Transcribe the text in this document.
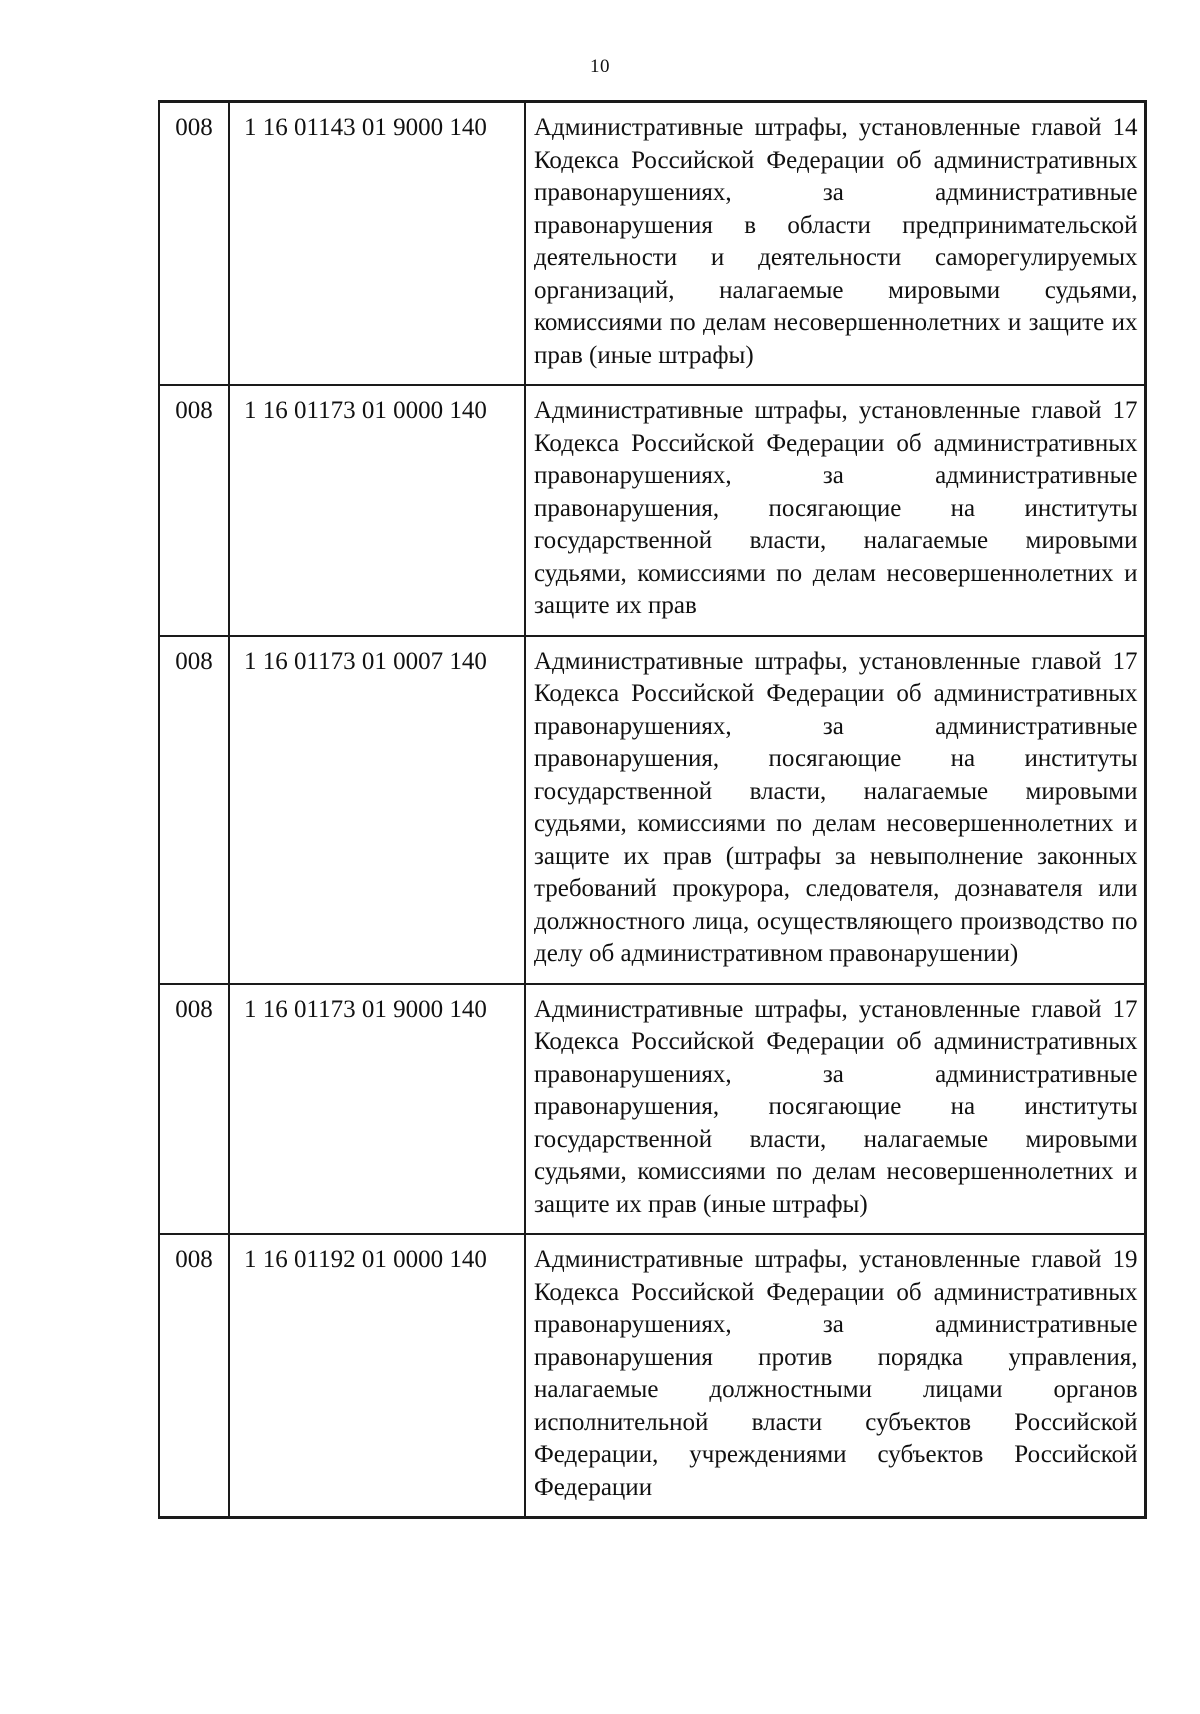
10
008	1 16 01143 01 9000 140	Административные штрафы, установленные главой 14 Кодекса Российской Федерации об административных правонарушениях, за административные правонарушения в области предпринимательской деятельности и деятельности саморегулируемых организаций, налагаемые мировыми судьями, комиссиями по делам несовершеннолетних и защите их прав (иные штрафы)

008	1 16 01173 01 0000 140	Административные штрафы, установленные главой 17 Кодекса Российской Федерации об административных правонарушениях, за административные правонарушения, посягающие на институты государственной власти, налагаемые мировыми судьями, комиссиями по делам несовершеннолетних и защите их прав

008	1 16 01173 01 0007 140	Административные штрафы, установленные главой 17 Кодекса Российской Федерации об административных правонарушениях, за административные правонарушения, посягающие на институты государственной власти, налагаемые мировыми судьями, комиссиями по делам несовершеннолетних и защите их прав (штрафы за невыполнение законных требований прокурора, следователя, дознавателя или должностного лица, осуществляющего производство по делу об административном правонарушении)

008	1 16 01173 01 9000 140	Административные штрафы, установленные главой 17 Кодекса Российской Федерации об административных правонарушениях, за административные правонарушения, посягающие на институты государственной власти, налагаемые мировыми судьями, комиссиями по делам несовершеннолетних и защите их прав (иные штрафы)

008	1 16 01192 01 0000 140	Административные штрафы, установленные главой 19 Кодекса Российской Федерации об административных правонарушениях, за административные правонарушения против порядка управления, налагаемые должностными лицами органов исполнительной власти субъектов Российской Федерации, учреждениями субъектов Российской Федерации
